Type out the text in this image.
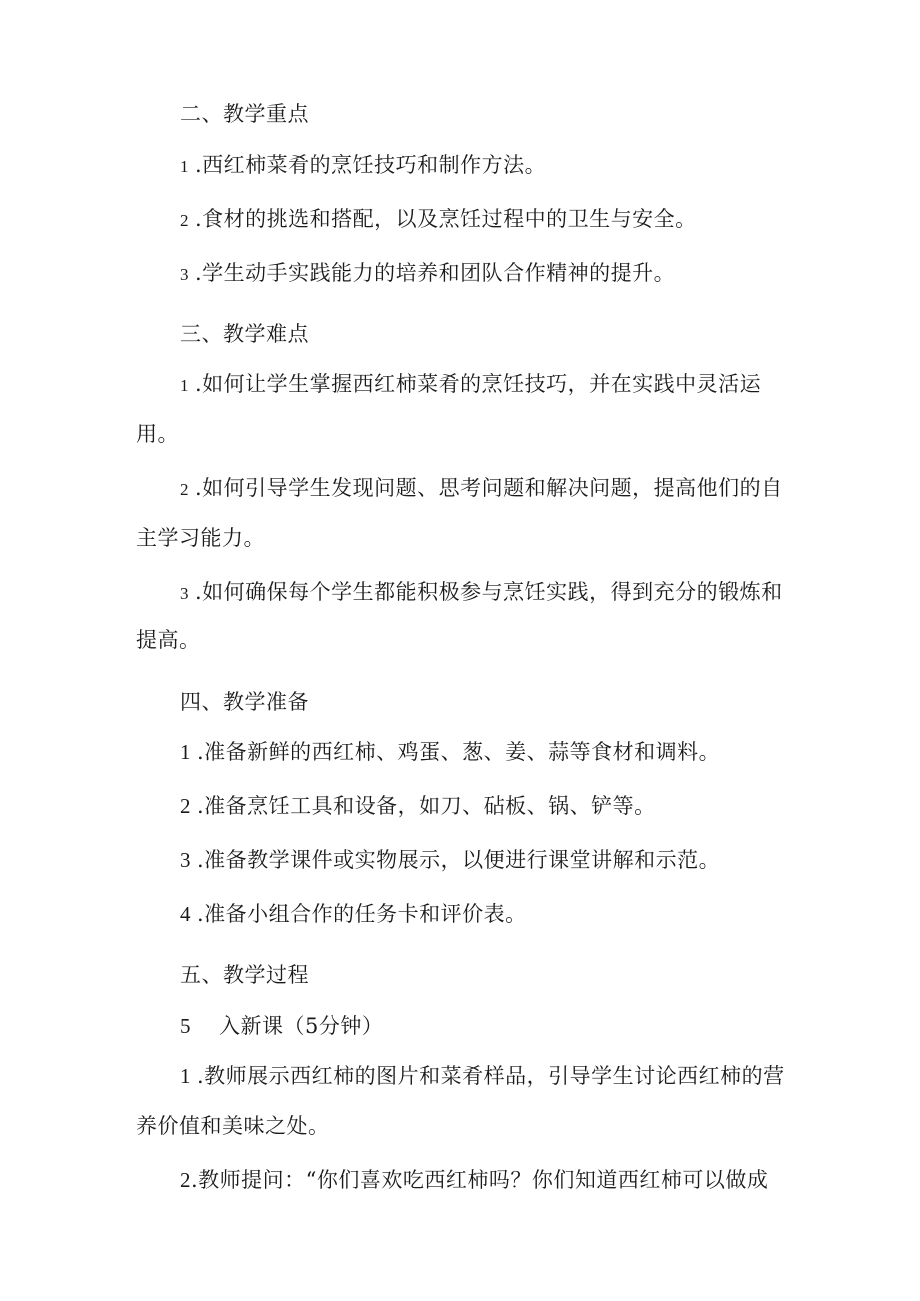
二、教学重点
1 .西红柿菜肴的烹饪技巧和制作方法。
2 .食材的挑选和搭配，以及烹饪过程中的卫生与安全。
3 .学生动手实践能力的培养和团队合作精神的提升。
三、教学难点
1 .如何让学生掌握西红柿菜肴的烹饪技巧，并在实践中灵活运
用。
2 .如何引导学生发现问题、思考问题和解决问题，提高他们的自
主学习能力。
3 .如何确保每个学生都能积极参与烹饪实践，得到充分的锻炼和
提高。
四、教学准备
1 .准备新鲜的西红柿、鸡蛋、葱、姜、蒜等食材和调料。
2 .准备烹饪工具和设备，如刀、砧板、锅、铲等。
3 .准备教学课件或实物展示，以便进行课堂讲解和示范。
4 .准备小组合作的任务卡和评价表。
五、教学过程
5 入新课（5分钟）
1 .教师展示西红柿的图片和菜肴样品，引导学生讨论西红柿的营
养价值和美味之处。
2.教师提问：“你们喜欢吃西红柿吗？你们知道西红柿可以做成
